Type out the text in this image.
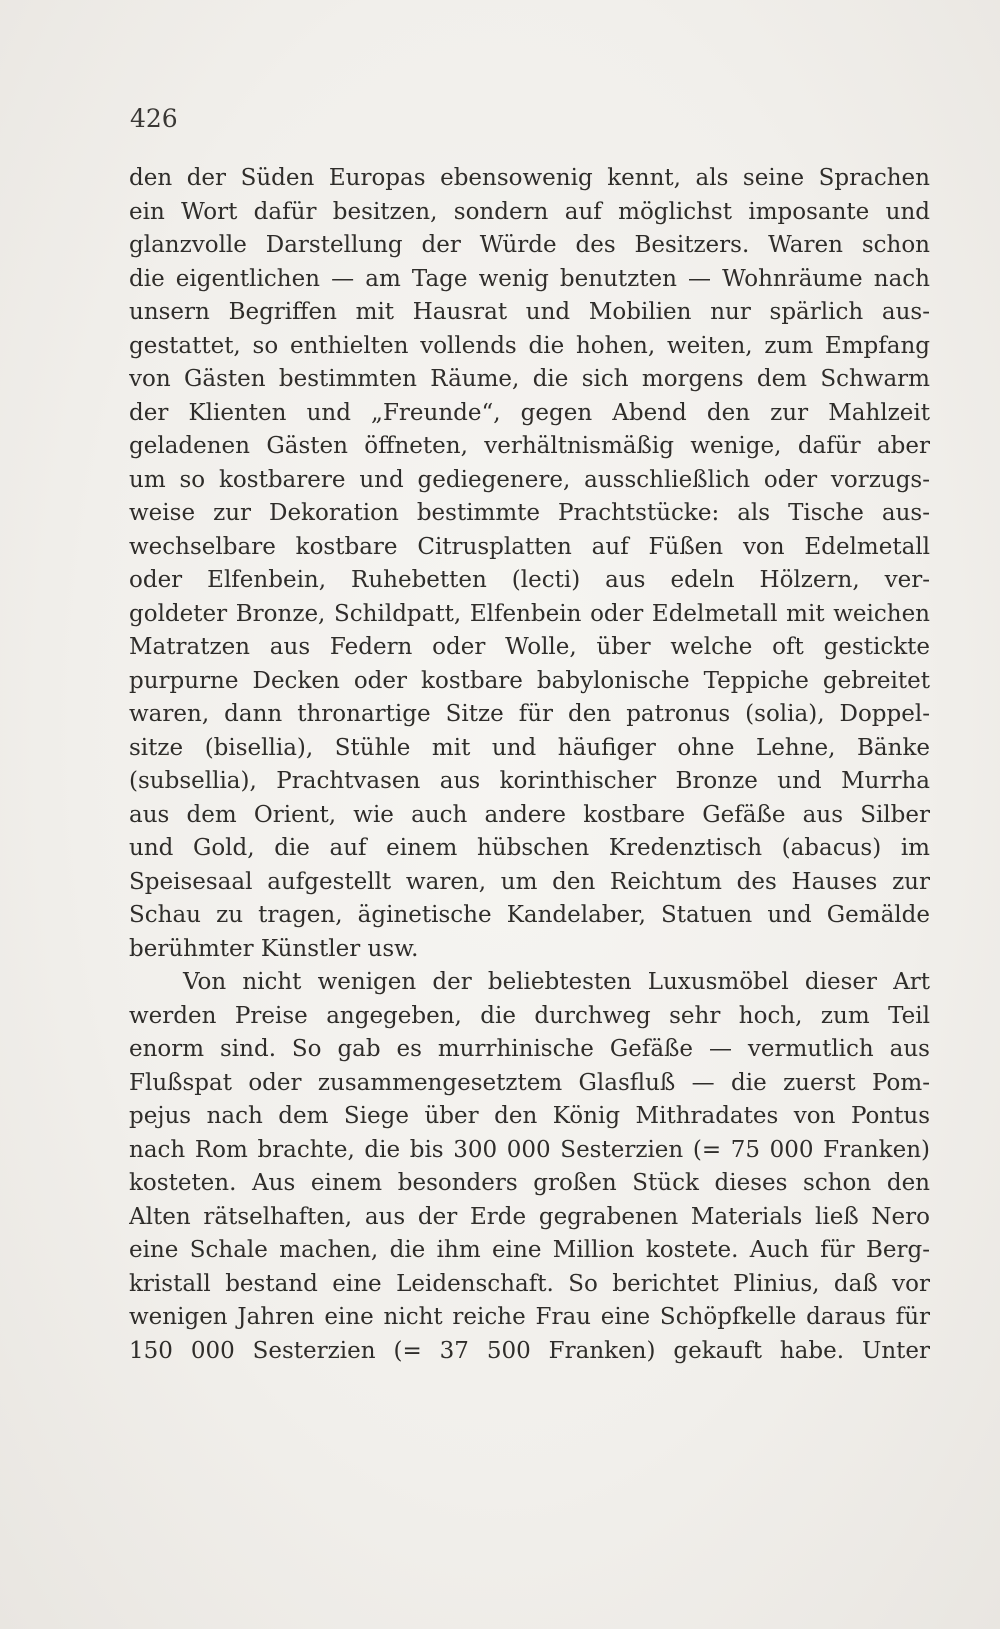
426
den der Süden Europas ebensowenig kennt, als seine Sprachen
ein Wort dafür besitzen, sondern auf möglichst imposante und
glanzvolle Darstellung der Würde des Besitzers. Waren schon
die eigentlichen — am Tage wenig benutzten — Wohnräume nach
unsern Begriffen mit Hausrat und Mobilien nur spärlich aus-
gestattet, so enthielten vollends die hohen, weiten, zum Empfang
von Gästen bestimmten Räume, die sich morgens dem Schwarm
der Klienten und „Freunde“, gegen Abend den zur Mahlzeit
geladenen Gästen öffneten, verhältnismäßig wenige, dafür aber
um so kostbarere und gediegenere, ausschließlich oder vorzugs-
weise zur Dekoration bestimmte Prachtstücke: als Tische aus-
wechselbare kostbare Citrusplatten auf Füßen von Edelmetall
oder Elfenbein, Ruhebetten (lecti) aus edeln Hölzern, ver-
goldeter Bronze, Schildpatt, Elfenbein oder Edelmetall mit weichen
Matratzen aus Federn oder Wolle, über welche oft gestickte
purpurne Decken oder kostbare babylonische Teppiche gebreitet
waren, dann thronartige Sitze für den patronus (solia), Doppel-
sitze (bisellia), Stühle mit und häufiger ohne Lehne, Bänke
(subsellia), Prachtvasen aus korinthischer Bronze und Murrha
aus dem Orient, wie auch andere kostbare Gefäße aus Silber
und Gold, die auf einem hübschen Kredenztisch (abacus) im
Speisesaal aufgestellt waren, um den Reichtum des Hauses zur
Schau zu tragen, äginetische Kandelaber, Statuen und Gemälde
berühmter Künstler usw.
Von nicht wenigen der beliebtesten Luxusmöbel dieser Art
werden Preise angegeben, die durchweg sehr hoch, zum Teil
enorm sind. So gab es murrhinische Gefäße — vermutlich aus
Flußspat oder zusammengesetztem Glasfluß — die zuerst Pom-
pejus nach dem Siege über den König Mithradates von Pontus
nach Rom brachte, die bis 300 000 Sesterzien (= 75 000 Franken)
kosteten. Aus einem besonders großen Stück dieses schon den
Alten rätselhaften, aus der Erde gegrabenen Materials ließ Nero
eine Schale machen, die ihm eine Million kostete. Auch für Berg-
kristall bestand eine Leidenschaft. So berichtet Plinius, daß vor
wenigen Jahren eine nicht reiche Frau eine Schöpfkelle daraus für
150 000 Sesterzien (= 37 500 Franken) gekauft habe. Unter
